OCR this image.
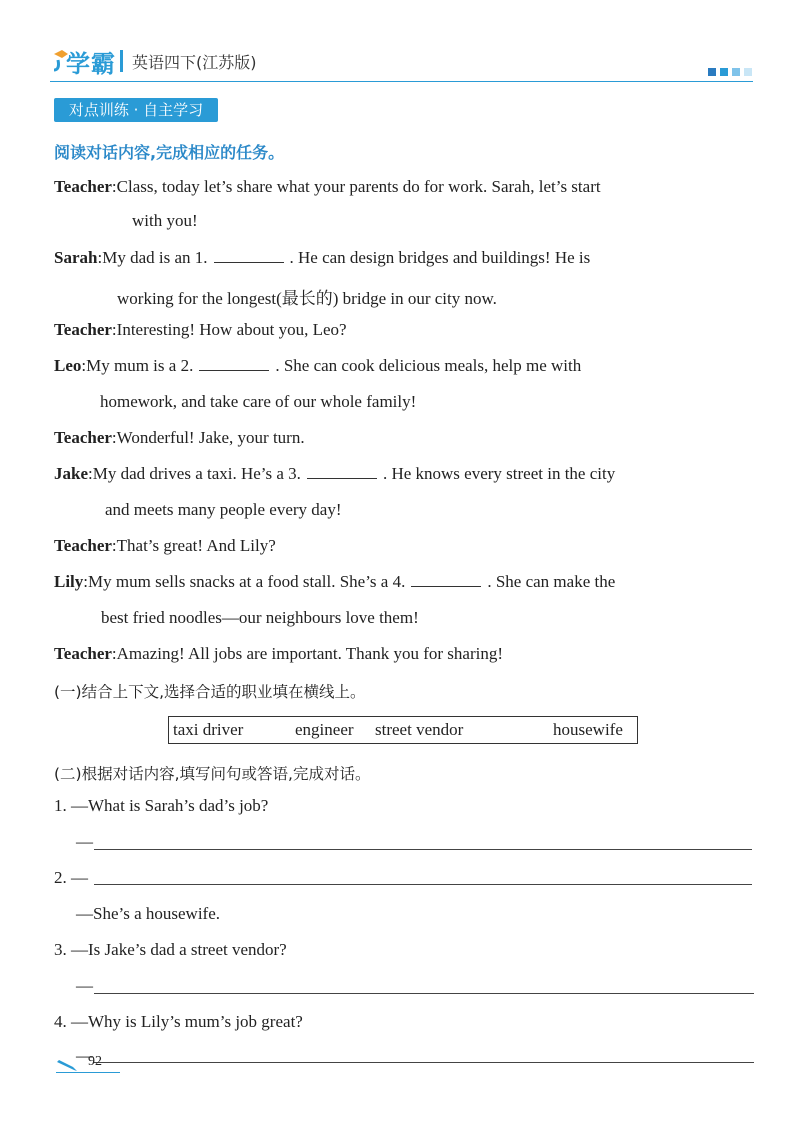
学霸 英语四下(江苏版)
对点训练 · 自主学习
阅读对话内容,完成相应的任务。
Teacher:Class, today let’s share what your parents do for work. Sarah, let’s start
with you!
Sarah:My dad is an 1.	. He can design bridges and buildings! He is
working for the longest(最长的) bridge in our city now.
Teacher:Interesting! How about you, Leo?
Leo:My mum is a 2.	. She can cook delicious meals, help me with
homework, and take care of our whole family!
Teacher:Wonderful! Jake, your turn.
Jake:My dad drives a taxi. He’s a 3.	. He knows every street in the city
and meets many people every day!
Teacher:That’s great! And Lily?
Lily:My mum sells snacks at a food stall. She’s a 4.	. She can make the
best fried noodles—our neighbours love them!
Teacher:Amazing! All jobs are important. Thank you for sharing!
(一)结合上下文,选择合适的职业填在横线上。
taxi driver	engineer street vendor	housewife
(二)根据对话内容,填写问句或答语,完成对话。
1. —What is Sarah’s dad’s job?
—
2. —
—She’s a housewife.
3. —Is Jake’s dad a street vendor?
—
4. —Why is Lily’s mum’s job great?
—
92
